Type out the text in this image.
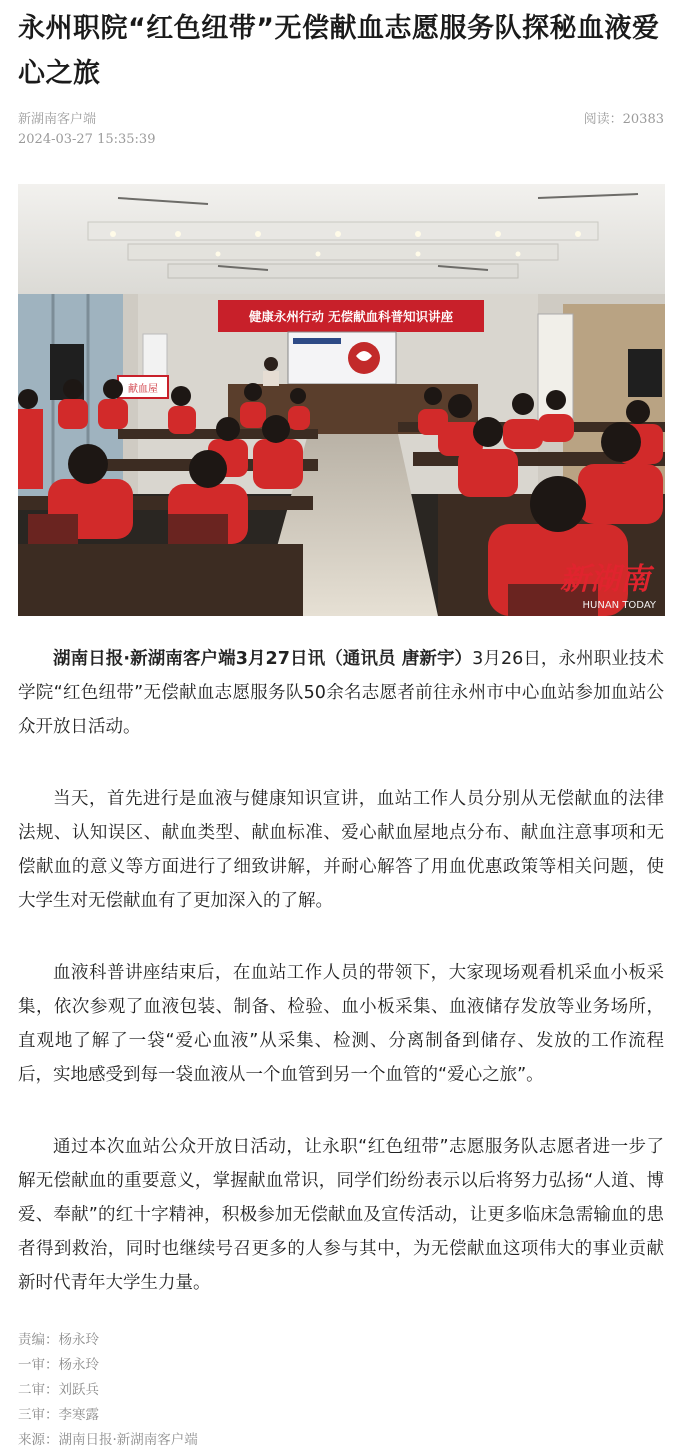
永州职院“红色纽带”无偿献血志愿服务队探秘血液爱心之旅
新湖南客户端
2024-03-27 15:35:39
阅读：20383
健康永州行动 无偿献血科普知识讲座
献血屋
新湖南
HUNAN TODAY

湖南日报·新湖南客户端3月27日讯（通讯员 唐新宇）3月26日，永州职业技术学院“红色纽带”无偿献血志愿服务队50余名志愿者前往永州市中心血站参加血站公众开放日活动。

当天，首先进行是血液与健康知识宣讲，血站工作人员分别从无偿献血的法律法规、认知误区、献血类型、献血标准、爱心献血屋地点分布、献血注意事项和无偿献血的意义等方面进行了细致讲解，并耐心解答了用血优惠政策等相关问题，使大学生对无偿献血有了更加深入的了解。

血液科普讲座结束后，在血站工作人员的带领下，大家现场观看机采血小板采集，依次参观了血液包装、制备、检验、血小板采集、血液储存发放等业务场所，直观地了解了一袋“爱心血液”从采集、检测、分离制备到储存、发放的工作流程后，实地感受到每一袋血液从一个血管到另一个血管的“爱心之旅”。

通过本次血站公众开放日活动，让永职“红色纽带”志愿服务队志愿者进一步了解无偿献血的重要意义，掌握献血常识，同学们纷纷表示以后将努力弘扬“人道、博爱、奉献”的红十字精神，积极参加无偿献血及宣传活动，让更多临床急需输血的患者得到救治，同时也继续号召更多的人参与其中，为无偿献血这项伟大的事业贡献新时代青年大学生力量。

责编：杨永玲
一审：杨永玲
二审：刘跃兵
三审：李寒露
来源：湖南日报·新湖南客户端
